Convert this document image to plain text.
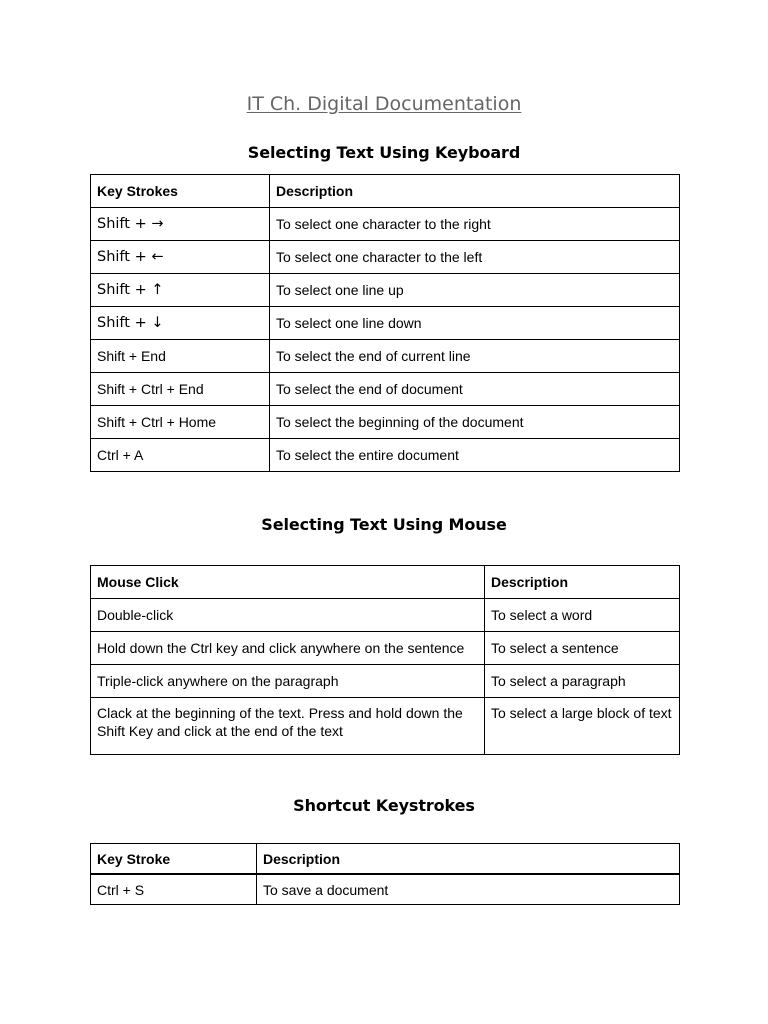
IT Ch. Digital Documentation
Selecting Text Using Keyboard
Key Strokes	Description
Shift + →	To select one character to the right
Shift + ←	To select one character to the left
Shift + ↑	To select one line up
Shift + ↓	To select one line down
Shift + End	To select the end of current line
Shift + Ctrl + End	To select the end of document
Shift + Ctrl + Home	To select the beginning of the document
Ctrl + A	To select the entire document
Selecting Text Using Mouse
Mouse Click	Description
Double-click	To select a word
Hold down the Ctrl key and click anywhere on the sentence	To select a sentence
Triple-click anywhere on the paragraph	To select a paragraph
Clack at the beginning of the text. Press and hold down the Shift Key and click at the end of the text	To select a large block of text
Shortcut Keystrokes
Key Stroke	Description
Ctrl + S	To save a document
